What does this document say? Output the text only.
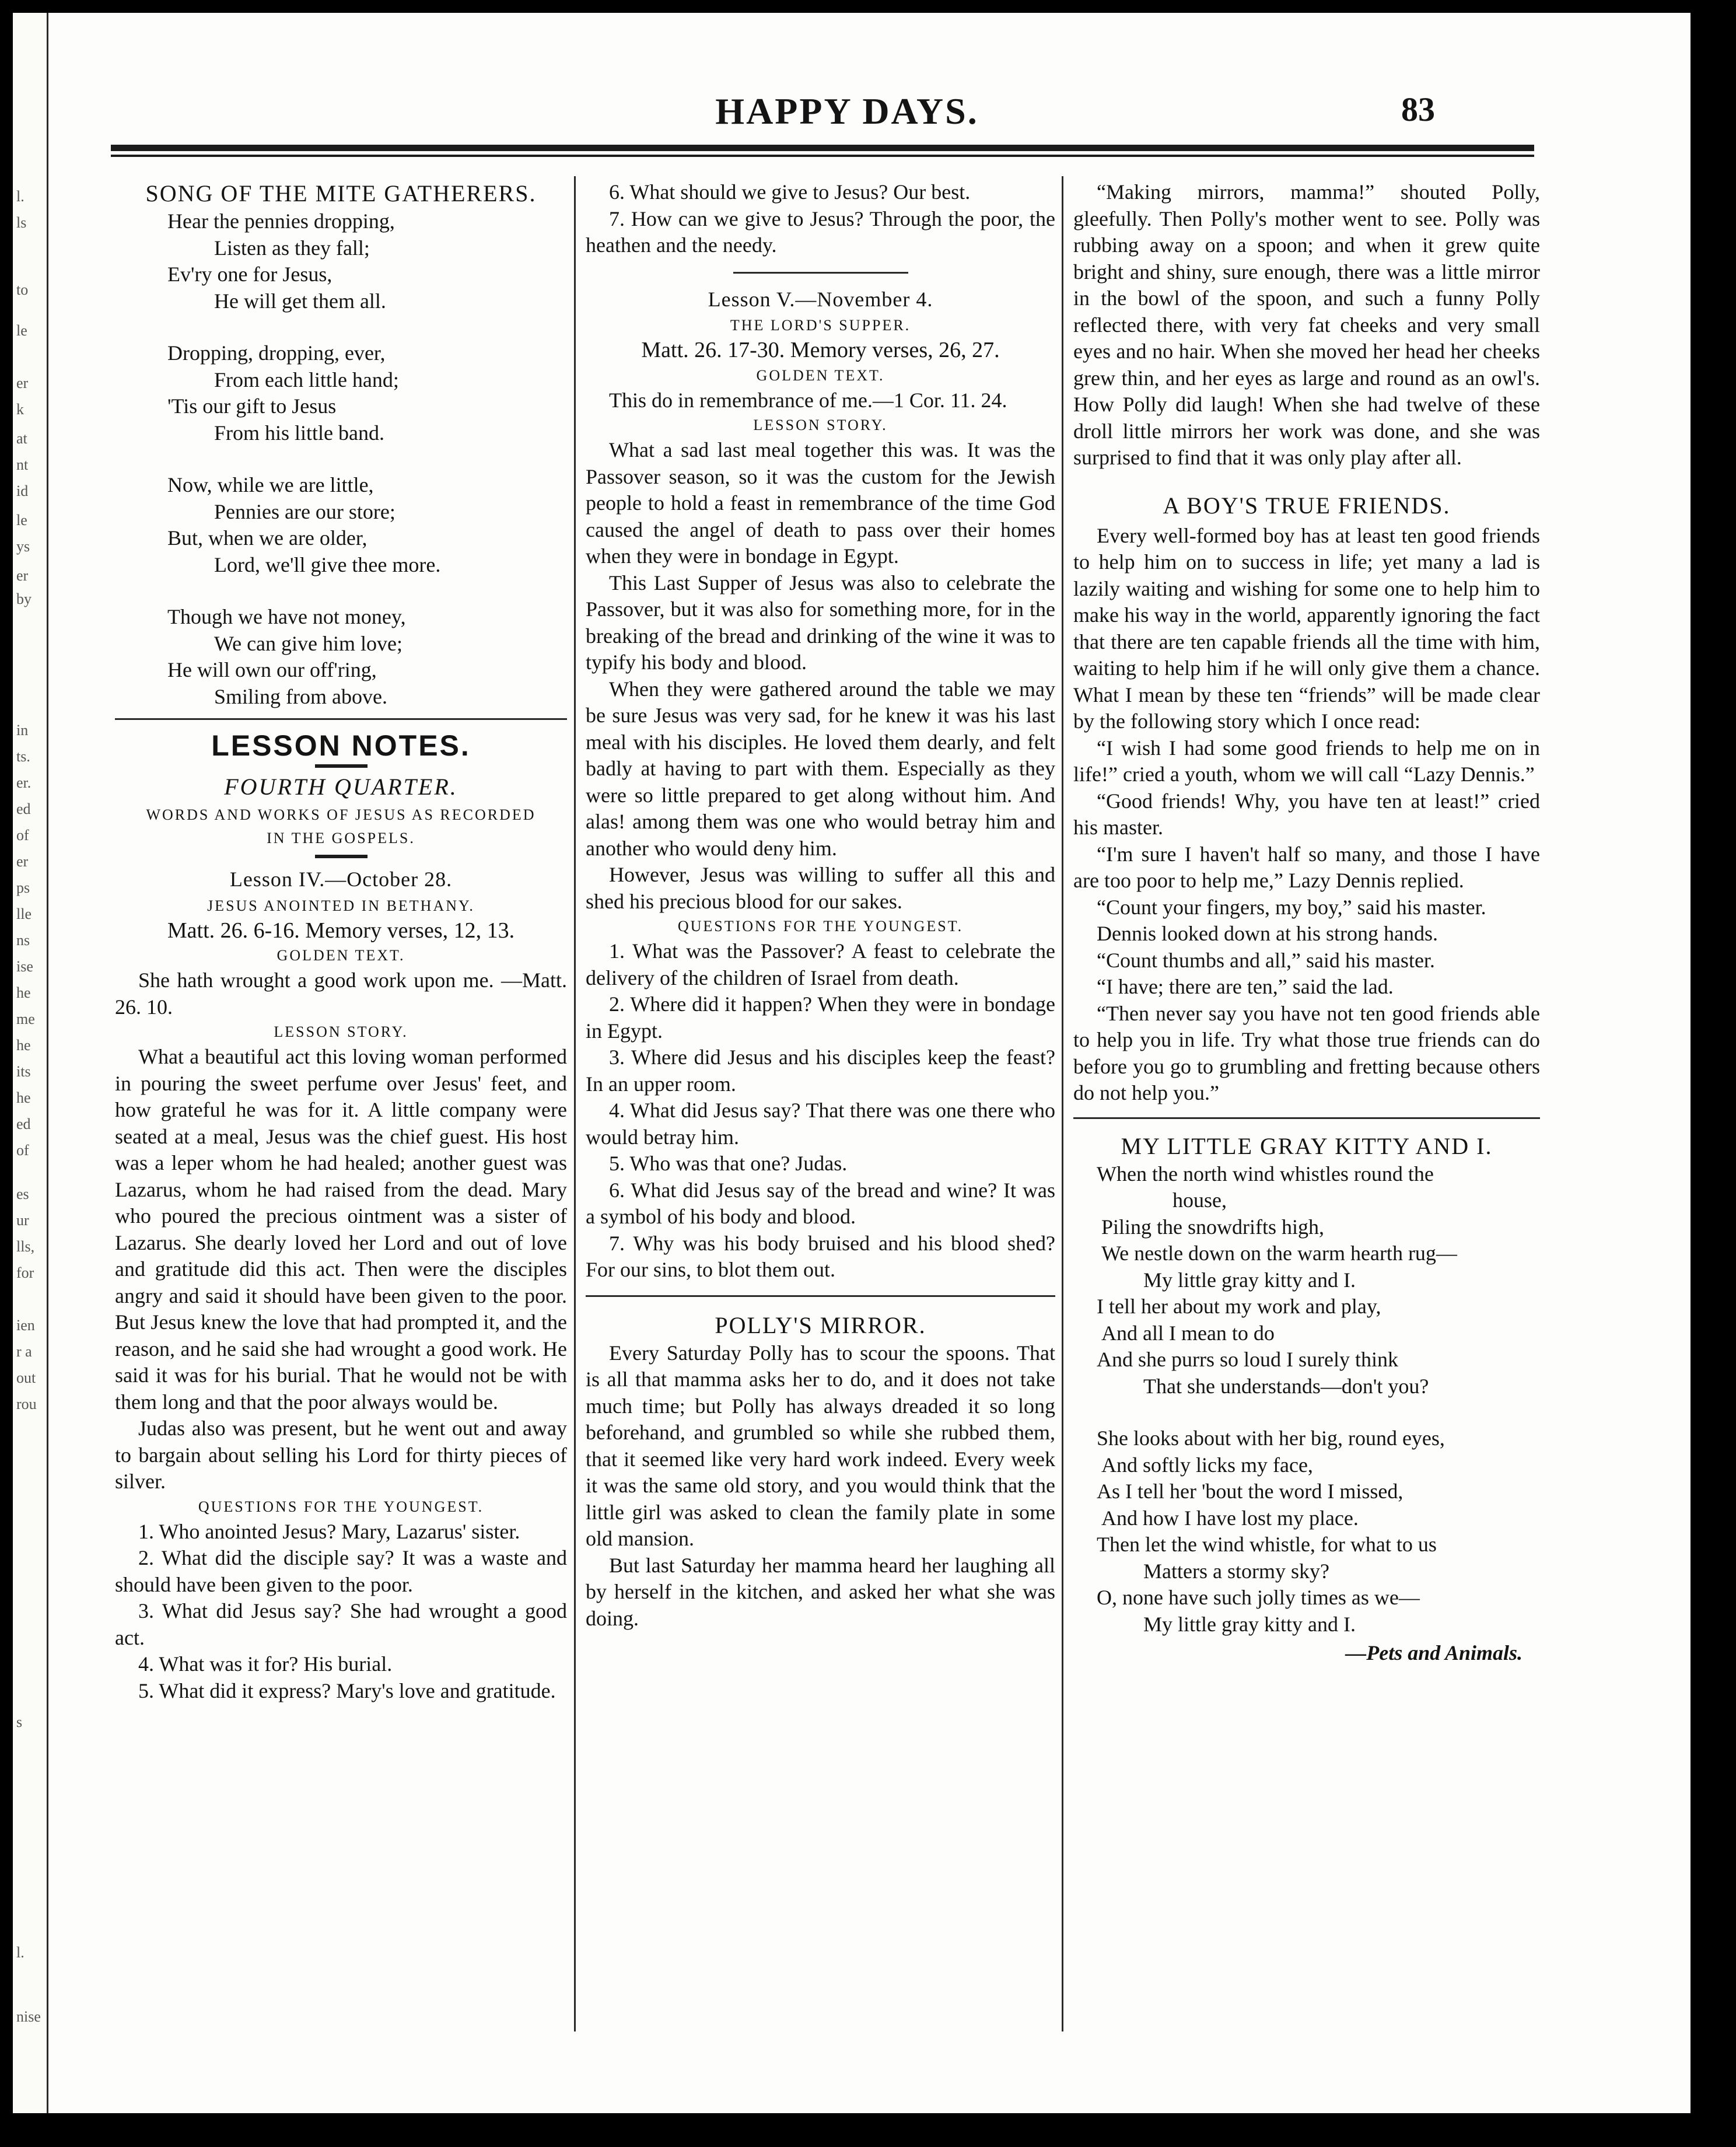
l.
ls
to
le
er
k
at
nt
id
le
ys
er
by
in
ts.
er.
ed
of
er
ps
lle
ns
ise
he
me
he
its
he
ed
of
es
ur
lls,
for
ien
r a
out
rou
s
l.
nise
HAPPY DAYS.	83
SONG OF THE MITE GATHERERS.
Hear the pennies dropping,
Listen as they fall;
Ev'ry one for Jesus,
He will get them all.
Dropping, dropping, ever,
From each little hand;
'Tis our gift to Jesus
From his little band.
Now, while we are little,
Pennies are our store;
But, when we are older,
Lord, we'll give thee more.
Though we have not money,
We can give him love;
He will own our off'ring,
Smiling from above.
LESSON NOTES.
FOURTH QUARTER.
WORDS AND WORKS OF JESUS AS RECORDED
IN THE GOSPELS.
Lesson IV.—October 28.
JESUS ANOINTED IN BETHANY.
Matt. 26. 6-16. Memory verses, 12, 13.
GOLDEN TEXT.

She hath wrought a good work upon me. —Matt. 26. 10.

LESSON STORY.

What a beautiful act this loving woman performed in pouring the sweet perfume over Jesus' feet, and how grateful he was for it. A little company were seated at a meal, Jesus was the chief guest. His host was a leper whom he had healed; another guest was Lazarus, whom he had raised from the dead. Mary who poured the precious ointment was a sister of Lazarus. She dearly loved her Lord and out of love and gratitude did this act. Then were the disciples angry and said it should have been given to the poor. But Jesus knew the love that had prompted it, and the reason, and he said she had wrought a good work. He said it was for his burial. That he would not be with them long and that the poor always would be.

Judas also was present, but he went out and away to bargain about selling his Lord for thirty pieces of silver.

QUESTIONS FOR THE YOUNGEST.

1. Who anointed Jesus? Mary, Lazarus' sister.

2. What did the disciple say? It was a waste and should have been given to the poor.

3. What did Jesus say? She had wrought a good act.

4. What was it for? His burial.

5. What did it express? Mary's love and gratitude.

6. What should we give to Jesus? Our best.

7. How can we give to Jesus? Through the poor, the heathen and the needy.

Lesson V.—November 4.
THE LORD'S SUPPER.
Matt. 26. 17-30. Memory verses, 26, 27.
GOLDEN TEXT.

This do in remembrance of me.—1 Cor. 11. 24.

LESSON STORY.

What a sad last meal together this was. It was the Passover season, so it was the custom for the Jewish people to hold a feast in remembrance of the time God caused the angel of death to pass over their homes when they were in bondage in Egypt.

This Last Supper of Jesus was also to celebrate the Passover, but it was also for something more, for in the breaking of the bread and drinking of the wine it was to typify his body and blood.

When they were gathered around the table we may be sure Jesus was very sad, for he knew it was his last meal with his disciples. He loved them dearly, and felt badly at having to part with them. Especially as they were so little prepared to get along without him. And alas! among them was one who would betray him and another who would deny him.

However, Jesus was willing to suffer all this and shed his precious blood for our sakes.

QUESTIONS FOR THE YOUNGEST.

1. What was the Passover? A feast to celebrate the delivery of the children of Israel from death.

2. Where did it happen? When they were in bondage in Egypt.

3. Where did Jesus and his disciples keep the feast? In an upper room.

4. What did Jesus say? That there was one there who would betray him.

5. Who was that one? Judas.

6. What did Jesus say of the bread and wine? It was a symbol of his body and blood.

7. Why was his body bruised and his blood shed? For our sins, to blot them out.

POLLY'S MIRROR.

Every Saturday Polly has to scour the spoons. That is all that mamma asks her to do, and it does not take much time; but Polly has always dreaded it so long beforehand, and grumbled so while she rubbed them, that it seemed like very hard work indeed. Every week it was the same old story, and you would think that the little girl was asked to clean the family plate in some old mansion.

But last Saturday her mamma heard her laughing all by herself in the kitchen, and asked her what she was doing.

“Making mirrors, mamma!” shouted Polly, gleefully. Then Polly's mother went to see. Polly was rubbing away on a spoon; and when it grew quite bright and shiny, sure enough, there was a little mirror in the bowl of the spoon, and such a funny Polly reflected there, with very fat cheeks and very small eyes and no hair. When she moved her head her cheeks grew thin, and her eyes as large and round as an owl's. How Polly did laugh! When she had twelve of these droll little mirrors her work was done, and she was surprised to find that it was only play after all.

A BOY'S TRUE FRIENDS.

Every well-formed boy has at least ten good friends to help him on to success in life; yet many a lad is lazily waiting and wishing for some one to help him to make his way in the world, apparently ignoring the fact that there are ten capable friends all the time with him, waiting to help him if he will only give them a chance. What I mean by these ten “friends” will be made clear by the following story which I once read:

“I wish I had some good friends to help me on in life!” cried a youth, whom we will call “Lazy Dennis.”

“Good friends! Why, you have ten at least!” cried his master.

“I'm sure I haven't half so many, and those I have are too poor to help me,” Lazy Dennis replied.

“Count your fingers, my boy,” said his master.

Dennis looked down at his strong hands.

“Count thumbs and all,” said his master.

“I have; there are ten,” said the lad.

“Then never say you have not ten good friends able to help you in life. Try what those true friends can do before you go to grumbling and fretting because others do not help you.”

MY LITTLE GRAY KITTY AND I.
When the north wind whistles round the
house,
Piling the snowdrifts high,
We nestle down on the warm hearth rug—
My little gray kitty and I.
I tell her about my work and play,
And all I mean to do
And she purrs so loud I surely think
That she understands—don't you?
She looks about with her big, round eyes,
And softly licks my face,
As I tell her 'bout the word I missed,
And how I have lost my place.
Then let the wind whistle, for what to us
Matters a stormy sky?
O, none have such jolly times as we—
My little gray kitty and I.
—Pets and Animals.
